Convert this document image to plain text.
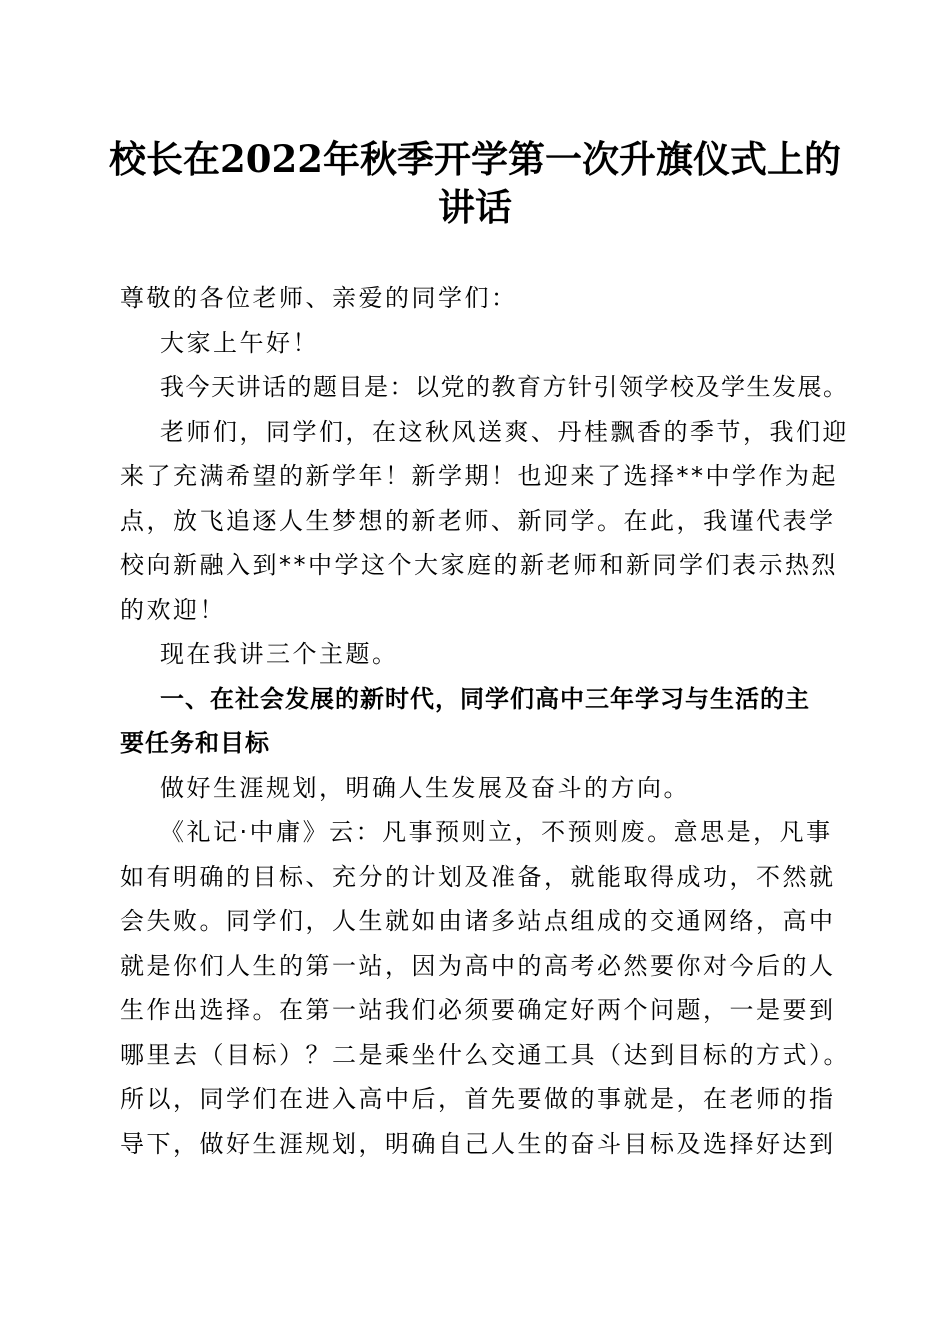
校长在2022年秋季开学第一次升旗仪式上的
讲话

尊敬的各位老师、亲爱的同学们：

大家上午好！

我今天讲话的题目是：以党的教育方针引领学校及学生发展。

老师们，同学们，在这秋风送爽、丹桂飘香的季节，我们迎

来了充满希望的新学年！新学期！也迎来了选择**中学作为起

点，放飞追逐人生梦想的新老师、新同学。在此，我谨代表学

校向新融入到**中学这个大家庭的新老师和新同学们表示热烈

的欢迎！

现在我讲三个主题。

一、在社会发展的新时代，同学们高中三年学习与生活的主

要任务和目标

做好生涯规划，明确人生发展及奋斗的方向。

《礼记·中庸》云：凡事预则立，不预则废。意思是，凡事

如有明确的目标、充分的计划及准备，就能取得成功，不然就

会失败。同学们，人生就如由诸多站点组成的交通网络，高中

就是你们人生的第一站，因为高中的高考必然要你对今后的人

生作出选择。在第一站我们必须要确定好两个问题，一是要到

哪里去（目标）？二是乘坐什么交通工具（达到目标的方式）。

所以，同学们在进入高中后，首先要做的事就是，在老师的指

导下，做好生涯规划，明确自己人生的奋斗目标及选择好达到
